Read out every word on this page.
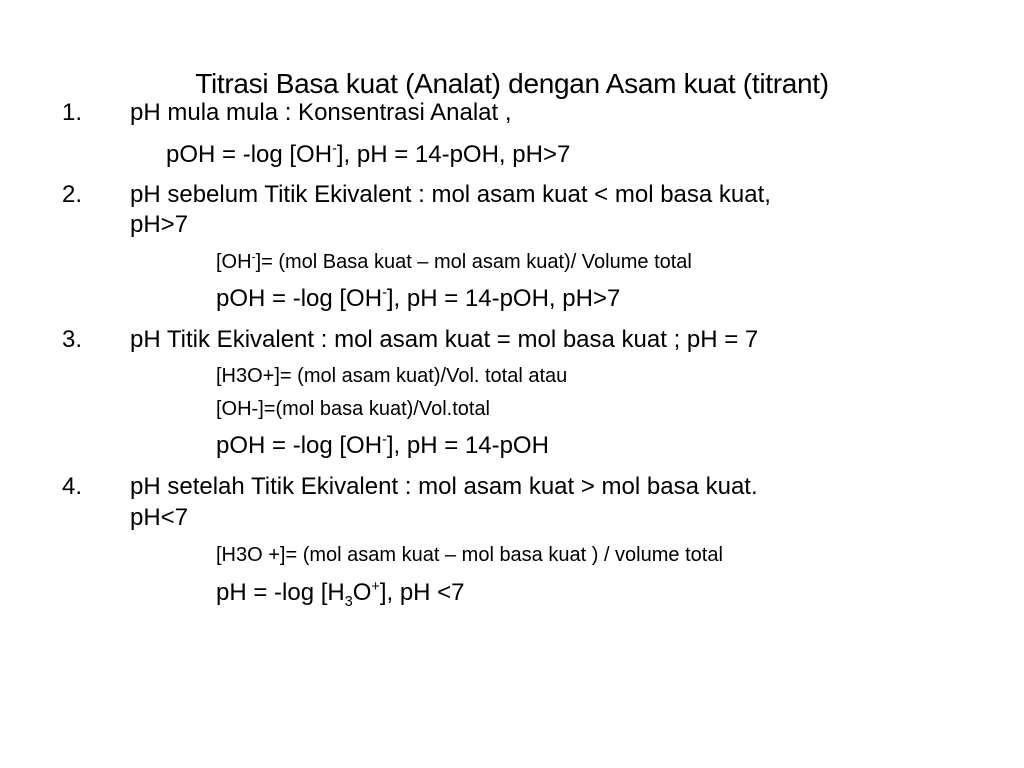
Titrasi Basa kuat (Analat) dengan Asam kuat (titrant)
1. pH mula mula : Konsentrasi Analat ,
pOH = -log [OH-], pH = 14-pOH, pH>7
2. pH sebelum Titik Ekivalent : mol asam kuat < mol basa kuat,
pH>7
[OH-]= (mol Basa kuat – mol asam kuat)/ Volume total
pOH = -log [OH-], pH = 14-pOH, pH>7
3. pH Titik Ekivalent : mol asam kuat = mol basa kuat ; pH = 7
[H3O+]= (mol asam kuat)/Vol. total atau
[OH-]=(mol basa kuat)/Vol.total
pOH = -log [OH-], pH = 14-pOH
4. pH setelah Titik Ekivalent : mol asam kuat > mol basa kuat.
pH<7
[H3O +]= (mol asam kuat – mol basa kuat ) / volume total
pH = -log $[H_3O^+]$, pH <7
